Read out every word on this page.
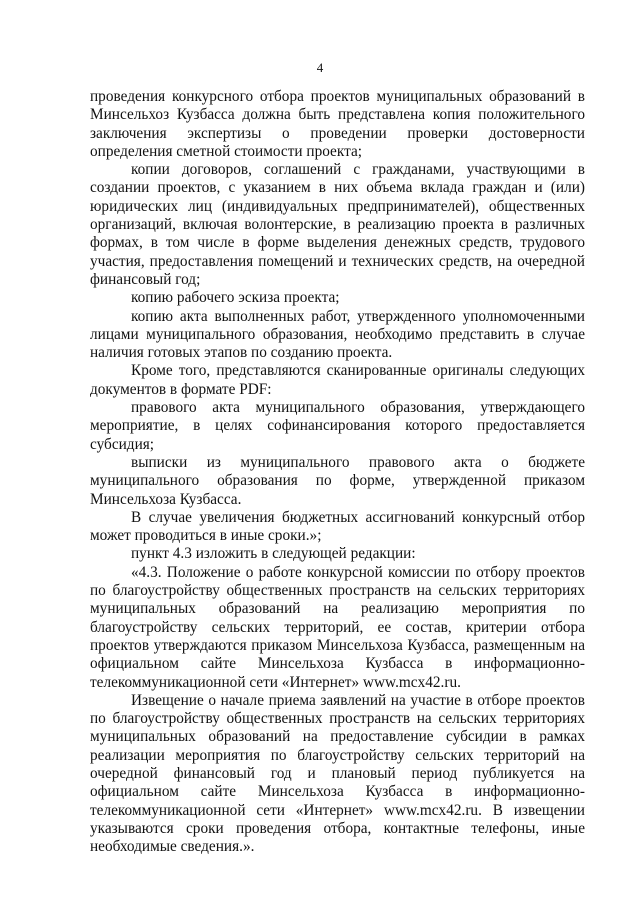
4

проведения конкурсного отбора проектов муниципальных образований в Минсельхоз Кузбасса должна быть представлена копия положительного заключения экспертизы о проведении проверки достоверности определения сметной стоимости проекта;

копии договоров, соглашений с гражданами, участвующими в создании проектов, с указанием в них объема вклада граждан и (или) юридических лиц (индивидуальных предпринимателей), общественных организаций, включая волонтерские, в реализацию проекта в различных формах, в том числе в форме выделения денежных средств, трудового участия, предоставления помещений и технических средств, на очередной финансовый год;

копию рабочего эскиза проекта;

копию акта выполненных работ, утвержденного уполномоченными лицами муниципального образования, необходимо представить в случае наличия готовых этапов по созданию проекта.

Кроме того, представляются сканированные оригиналы следующих документов в формате PDF:

правового акта муниципального образования, утверждающего мероприятие, в целях софинансирования которого предоставляется субсидия;

выписки из муниципального правового акта о бюджете муниципального образования по форме, утвержденной приказом Минсельхоза Кузбасса.

В случае увеличения бюджетных ассигнований конкурсный отбор может проводиться в иные сроки.»;

пункт 4.3 изложить в следующей редакции:

«4.3. Положение о работе конкурсной комиссии по отбору проектов по благоустройству общественных пространств на сельских территориях муниципальных образований на реализацию мероприятия по благоустройству сельских территорий, ее состав, критерии отбора проектов утверждаются приказом Минсельхоза Кузбасса, размещенным на официальном сайте Минсельхоза Кузбасса в информационно-телекоммуникационной сети «Интернет» www.mcx42.ru.

Извещение о начале приема заявлений на участие в отборе проектов по благоустройству общественных пространств на сельских территориях муниципальных образований на предоставление субсидии в рамках реализации мероприятия по благоустройству сельских территорий на очередной финансовый год и плановый период публикуется на официальном сайте Минсельхоза Кузбасса в информационно-телекоммуникационной сети «Интернет» www.mcx42.ru. В извещении указываются сроки проведения отбора, контактные телефоны, иные необходимые сведения.».
